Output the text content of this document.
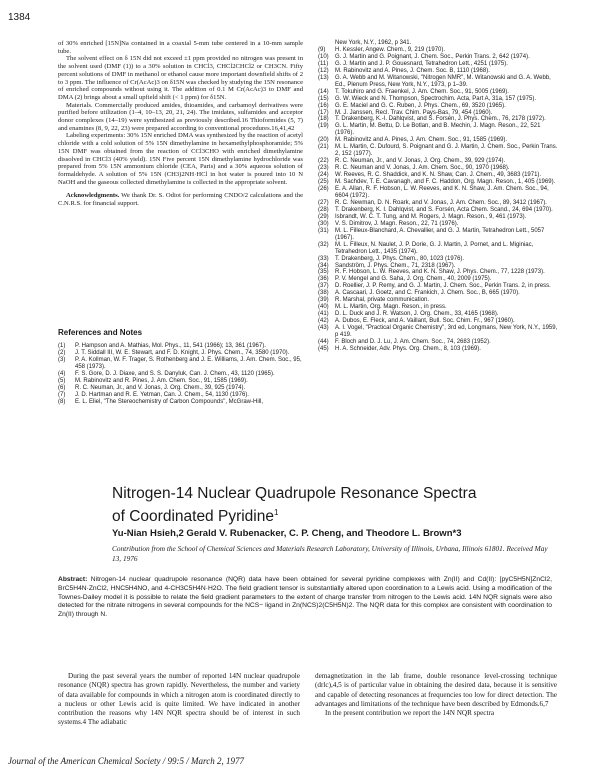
1384

of 30% enriched [15N]Na contained in a coaxial 5-mm tube centered in a 10-mm sample tube.

The solvent effect on δ 15N did not exceed ±1 ppm provided no nitrogen was present in the solvent used (DMF (1)) to a 30% solution in CHCl3, CHCl2CHCl2 or CH3CN. Fifty percent solutions of DMF in methanol or ethanol cause more important downfield shifts of 2 to 3 ppm. The influence of Cr(AcAc)3 on δ15N was checked by studying the 15N resonance of enriched compounds without using it. The addition of 0.1 M Cr(AcAc)3 to DMF and DMA (2) brings about a small upfield shift (< 1 ppm) for δ15N.

Materials. Commercially produced amides, thioamides, and carbamoyl derivatives were purified before utilization (1–4, 10–13, 20, 21, 24). The imidates, sulfamides and acceptor donor complexes (14–19) were synthesized as previously described.16 Thioformides (5, 7) and enamines (8, 9, 22, 23) were prepared according to conventional procedures.16,41,42

Labeling experiments: 30% 15N enriched DMA was synthesized by the reaction of acetyl chloride with a cold solution of 5% 15N dimethylamine in hexamethylphosphoramide; 5% 15N DMF was obtained from the reaction of CCl3CHO with enriched dimethylamine dissolved in CHCl3 (40% yield). 15N Five percent 15N dimethylamine hydrochloride was prepared from 5% 15N ammonium chloride (CEA, Paris) and a 30% aqueous solution of formaldehyde. A solution of 5% 15N (CH3)2NH·HCl in hot water is poured into 10 N NaOH and the gaseous collected dimethylamine is collected in the appropriate solvent.

Acknowledgments. We thank Dr. S. Odiot for performing CNDO/2 calculations and the C.N.R.S. for financial support.

References and Notes
(1)	P. Hampson and A. Mathias, Mol. Phys., 11, 541 (1966); 13, 361 (1967).
(2)	J. T. Siddall III, W. E. Stewart, and F. D. Knight, J. Phys. Chem., 74, 3580 (1970).
(3)	P. A. Kollman, W. F. Trager, S. Rothenberg and J. E. Williams, J. Am. Chem. Soc., 95, 458 (1973).
(4)	F. S. Gore, D. J. Diaxe, and S. S. Danyluk, Can. J. Chem., 43, 1120 (1965).
(5)	M. Rabinovitz and R. Pines, J. Am. Chem. Soc., 91, 1585 (1969).
(6)	R. C. Neuman, Jr., and V. Jonas, J. Org. Chem., 39, 925 (1974).
(7)	J. D. Hartman and R. E. Yetman, Can. J. Chem., 54, 1130 (1976).
(8)	E. L. Eliel, "The Stereochemistry of Carbon Compounds", McGraw-Hill,
New York, N.Y., 1962, p 341.
(9)	H. Kessler, Angew. Chem., 9, 219 (1970).
(10)	G. J. Martin and G. Poignant, J. Chem. Soc., Perkin Trans. 2, 642 (1974).
(11)	G. J. Martin and J. P. Gouesnard, Tetrahedron Lett., 4251 (1975).
(12)	M. Rabinovitz and A. Pines, J. Chem. Soc. B, 1110 (1968).
(13)	G. A. Webb and M. Witanowski, "Nitrogen NMR", M. Witanowski and G. A. Webb, Ed., Plenum Press, New York, N.Y., 1973, p 1–39.
(14)	T. Tokuhiro and G. Fraenkel, J. Am. Chem. Soc., 91, 5005 (1969).
(15)	G. W. Wieck and N. Thompson, Spectrochim. Acta, Part A, 31a, 157 (1975).
(16)	G. E. Maciel and G. C. Ruben, J. Phys. Chem., 69, 3520 (1965).
(17)	M. J. Janssen, Recl. Trav. Chim. Pays-Bas, 79, 454 (1960).
(18)	T. Drakenberg, K.-I. Dahlqvist, and S. Forsén, J. Phys. Chem., 76, 2178 (1972).
(19)	G. L. Martin, M. Bettu, D. Le Botlan, and B. Mechin, J. Magn. Reson., 22, 521 (1976).
(20)	M. Rabinovitz and A. Pines, J. Am. Chem. Soc., 91, 1585 (1969).
(21)	M. L. Martin, C. Dufourd, S. Poignant and G. J. Martin, J. Chem. Soc., Perkin Trans. 2, 152 (1977).
(22)	R. C. Neuman, Jr., and V. Jonas, J. Org. Chem., 39, 929 (1974).
(23)	R. C. Neuman and V. Jonas, J. Am. Chem. Soc., 90, 1970 (1968).
(24)	W. Reeves, R. C. Shaddick, and K. N. Shaw, Can. J. Chem., 49, 3683 (1971).
(25)	M. Sachdev, T. E. Cavanagh, and F. C. Haddon, Org. Magn. Reson., 1, 405 (1969).
(26)	E. A. Allan, R. F. Hobson, L. W. Reeves, and K. N. Shaw, J. Am. Chem. Soc., 94, 6604 (1972).
(27)	R. C. Newman, D. N. Roark, and V. Jonas, J. Am. Chem. Soc., 89, 3412 (1967).
(28)	T. Drakenberg, K. I. Dahlqvist, and S. Forsén, Acta Chem. Scand., 24, 694 (1970).
(29)	Isbrandt, W. C. T. Tung, and M. Rogers, J. Magn. Reson., 9, 461 (1973).
(30)	V. S. Dimitrov, J. Magn. Reson., 22, 71 (1976).
(31)	M. L. Filleux-Blanchard, A. Chevallier, and G. J. Martin, Tetrahedron Lett., 5057 (1967).
(32)	M. L. Filleux, N. Naulet, J. P. Dorie, G. J. Martin, J. Pornet, and L. Miginiac, Tetrahedron Lett., 1435 (1974).
(33)	T. Drakenberg, J. Phys. Chem., 80, 1023 (1976).
(34)	Sandström, J. Phys. Chem., 71, 2318 (1967).
(35)	R. F. Hobson, L. W. Reeves, and K. N. Shaw, J. Phys. Chem., 77, 1228 (1973).
(36)	P. V. Mengel and G. Saha, J. Org. Chem., 40, 2009 (1975).
(37)	D. Roellier, J. P. Remy, and G. J. Martin, J. Chem. Soc., Perkin Trans. 2, in press.
(38)	A. Cascaari, J. Goetz, and C. Frankich, J. Chem. Soc., B, 665 (1970).
(39)	R. Marshal, private communication.
(40)	M. L. Martin, Org. Magn. Reson., in press.
(41)	D. L. Duck and J. R. Watson, J. Org. Chem., 33, 4165 (1968).
(42)	A. Dubos, E. Fleck, and A. Vaillant, Bull. Soc. Chim. Fr., 967 (1960).
(43)	A. I. Vogel, "Practical Organic Chemistry", 3rd ed, Longmans, New York, N.Y., 1959, p 419.
(44)	F. Bloch and D. J. Lu, J. Am. Chem. Soc., 74, 2683 (1952).
(45)	H. A. Schneider, Adv. Phys. Org. Chem., 8, 103 (1969).
Nitrogen-14 Nuclear Quadrupole Resonance Spectra of Coordinated Pyridine$^1$
Yu-Nian Hsieh,2 Gerald V. Rubenacker, C. P. Cheng, and Theodore L. Brown*3
Contribution from the School of Chemical Sciences and Materials Research Laboratory, University of Illinois, Urbana, Illinois 61801. Received May 13, 1976
Abstract: Nitrogen-14 nuclear quadrupole resonance (NQR) data have been obtained for several pyridine complexes with Zn(II) and Cd(II): [pyC5H5N]ZnCl2, BrC5H4N·ZnCl2, HNC5H4NO, and 4-CH3C5H4N·H2O. The field gradient tensor is substantially altered upon coordination to a Lewis acid. Using a modification of the Townes-Dailey model it is possible to relate the field gradient parameters to the extent of charge transfer from nitrogen to the Lewis acid. 14N NQR signals were also detected for the nitrate nitrogens in several compounds for the NCS− ligand in Zn(NCS)2(C5H5N)2. The NQR data for this complex are consistent with coordination to Zn(II) through N.

During the past several years the number of reported 14N nuclear quadrupole resonance (NQR) spectra has grown rapidly. Nevertheless, the number and variety of data available for compounds in which a nitrogen atom is coordinated directly to a nucleus or other Lewis acid is quite limited. We have indicated in another contribution the reasons why 14N NQR spectra should be of interest in such systems.4 The adiabatic

demagnetization in the lab frame, double resonance level-crossing technique (drlc),4,5 is of particular value in obtaining the desired data, because it is sensitive and capable of detecting resonances at frequencies too low for direct detection. The advantages and limitations of the technique have been described by Edmonds.6,7

In the present contribution we report the 14N NQR spectra

Journal of the American Chemical Society / 99:5 / March 2, 1977
